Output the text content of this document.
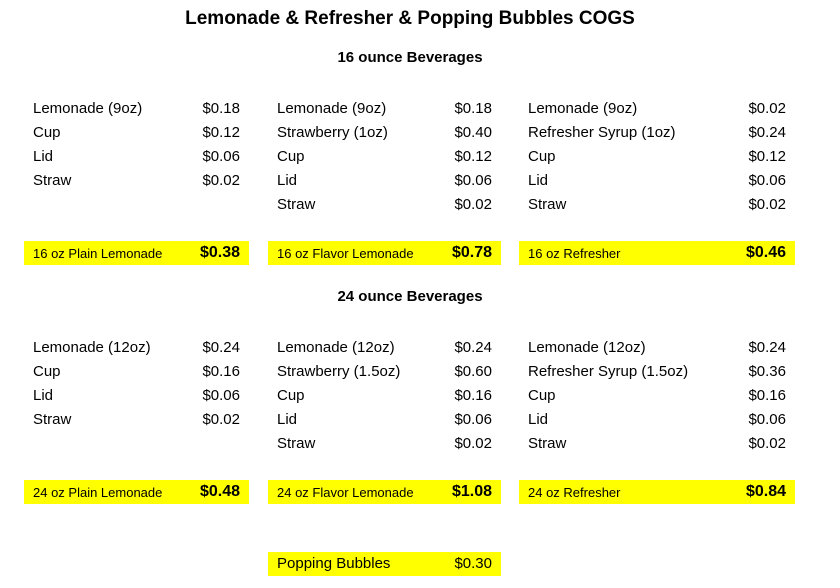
Lemonade & Refresher & Popping Bubbles COGS
16 ounce Beverages
Lemonade (9oz)	$0.18
Cup	$0.12
Lid	$0.06
Straw	$0.02
16 oz Plain Lemonade $0.38
Lemonade (9oz)	$0.18
Strawberry (1oz)	$0.40
Cup	$0.12
Lid	$0.06
Straw	$0.02
16 oz Flavor Lemonade $0.78
Lemonade (9oz)	$0.02
Refresher Syrup (1oz)	$0.24
Cup	$0.12
Lid	$0.06
Straw	$0.02
16 oz Refresher	$0.46
24 ounce Beverages
Lemonade (12oz)	$0.24
Cup	$0.16
Lid	$0.06
Straw	$0.02
24 oz Plain Lemonade $0.48
Lemonade (12oz)	$0.24
Strawberry (1.5oz)	$0.60
Cup	$0.16
Lid	$0.06
Straw	$0.02
24 oz Flavor Lemonade $1.08
Lemonade (12oz)	$0.24
Refresher Syrup (1.5oz)	$0.36
Cup	$0.16
Lid	$0.06
Straw	$0.02
24 oz Refresher	$0.84
Popping Bubbles	$0.30
